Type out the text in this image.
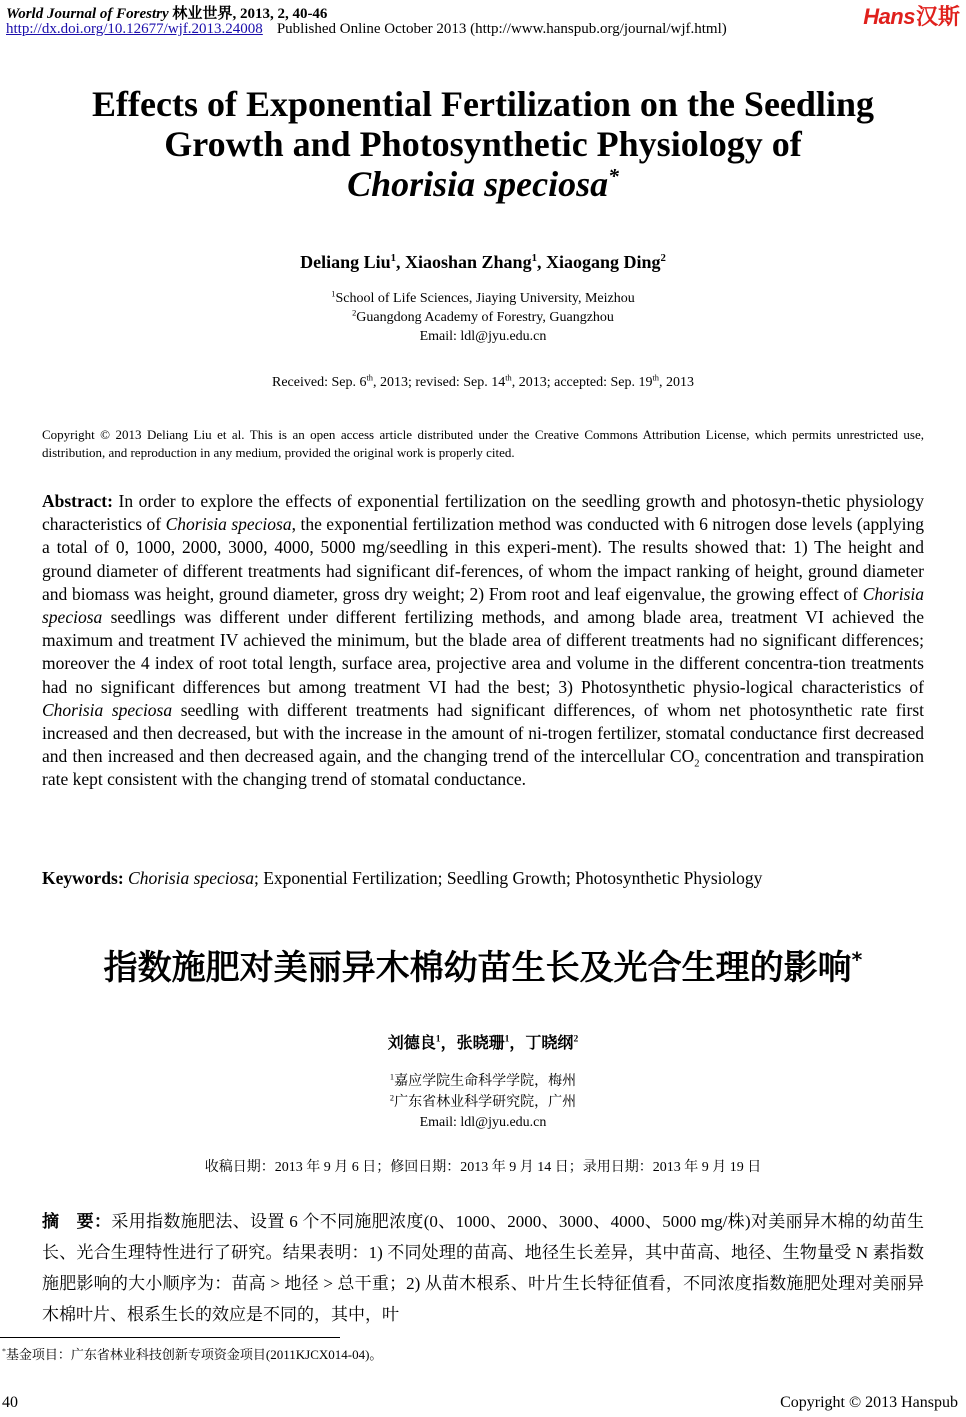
World Journal of Forestry 林业世界, 2013, 2, 40-46
http://dx.doi.org/10.12677/wjf.2013.24008 Published Online October 2013 (http://www.hanspub.org/journal/wjf.html)	Hans汉斯
Effects of Exponential Fertilization on the Seedling
Growth and Photosynthetic Physiology of
Chorisia speciosa*
Deliang Liu$^1$, Xiaoshan Zhang$^1$, Xiaogang Ding$^2$
$^1$School of Life Sciences, Jiaying University, Meizhou
$^2$Guangdong Academy of Forestry, Guangzhou
Email: ldl@jyu.edu.cn
Received: Sep. 6th, 2013; revised: Sep. 14th, 2013; accepted: Sep. 19th, 2013
Copyright © 2013 Deliang Liu et al. This is an open access article distributed under the Creative Commons Attribution License, which permits unrestricted use, distribution, and reproduction in any medium, provided the original work is properly cited.
Abstract: In order to explore the effects of exponential fertilization on the seedling growth and photosyn-thetic physiology characteristics of Chorisia speciosa, the exponential fertilization method was conducted with 6 nitrogen dose levels (applying a total of 0, 1000, 2000, 3000, 4000, 5000 mg/seedling in this experi-ment). The results showed that: 1) The height and ground diameter of different treatments had significant dif-ferences, of whom the impact ranking of height, ground diameter and biomass was height, ground diameter, gross dry weight; 2) From root and leaf eigenvalue, the growing effect of Chorisia speciosa seedlings was different under different fertilizing methods, and among blade area, treatment VI achieved the maximum and treatment IV achieved the minimum, but the blade area of different treatments had no significant differences; moreover the 4 index of root total length, surface area, projective area and volume in the different concentra-tion treatments had no significant differences but among treatment VI had the best; 3) Photosynthetic physio-logical characteristics of Chorisia speciosa seedling with different treatments had significant differences, of whom net photosynthetic rate first increased and then decreased, but with the increase in the amount of ni-trogen fertilizer, stomatal conductance first decreased and then increased and then decreased again, and the changing trend of the intercellular $CO_2$ concentration and transpiration rate kept consistent with the changing trend of stomatal conductance.
Keywords: Chorisia speciosa; Exponential Fertilization; Seedling Growth; Photosynthetic Physiology
指数施肥对美丽异木棉幼苗生长及光合生理的影响*
刘德良$^1$，张晓珊$^1$，丁晓纲$^2$
$^1$嘉应学院生命科学学院，梅州
$^2$广东省林业科学研究院，广州
Email: ldl@jyu.edu.cn
收稿日期：2013 年 9 月 6 日；修回日期：2013 年 9 月 14 日；录用日期：2013 年 9 月 19 日
摘　要：采用指数施肥法、设置 6 个不同施肥浓度(0、1000、2000、3000、4000、5000 mg/株)对美丽异木棉的幼苗生长、光合生理特性进行了研究。结果表明：1) 不同处理的苗高、地径生长差异，其中苗高、地径、生物量受 N 素指数施肥影响的大小顺序为：苗高 > 地径 > 总干重；2) 从苗木根系、叶片生长特征值看，不同浓度指数施肥处理对美丽异木棉叶片、根系生长的效应是不同的，其中，叶
*基金项目：广东省林业科技创新专项资金项目(2011KJCX014-04)。
40	Copyright © 2013 Hanspub
